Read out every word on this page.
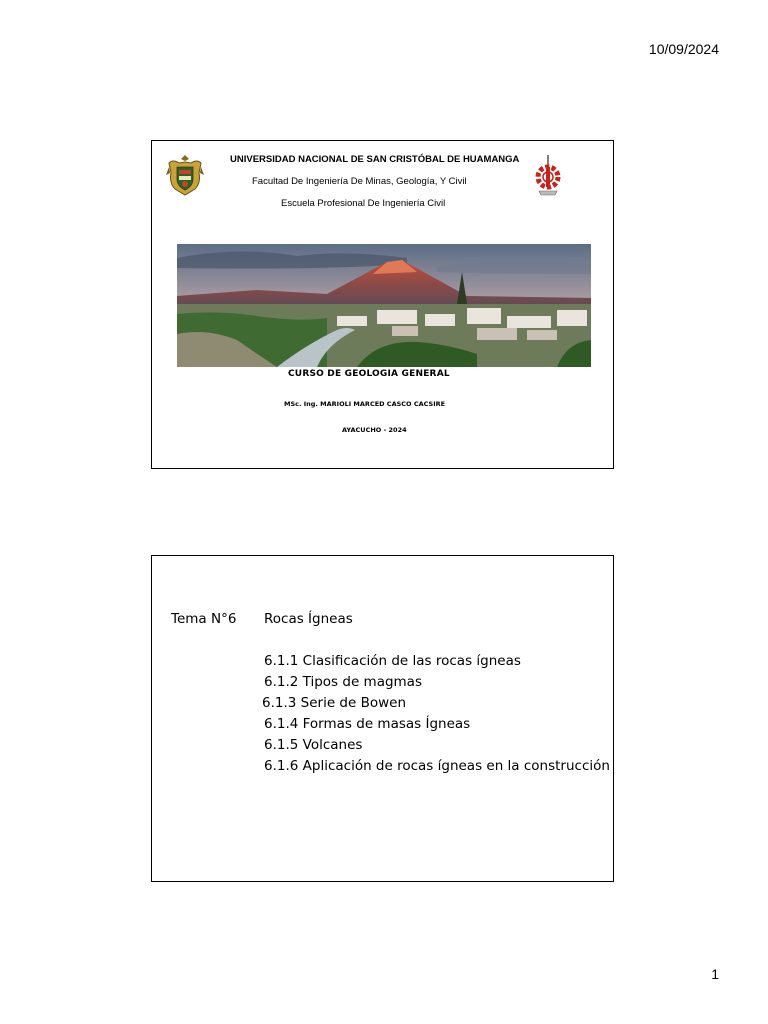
10/09/2024
UNIVERSIDAD NACIONAL DE SAN CRISTÓBAL DE HUAMANGA
Facultad De Ingeniería De Minas, Geología, Y Civil
Escuela Profesional De Ingeniería Civil
CURSO DE GEOLOGIA GENERAL
MSc. Ing. MARIOLI MARCED CASCO CACSIRE
AYACUCHO - 2024
Tema N°6 Rocas Ígneas
6.1.1 Clasificación de las rocas ígneas
6.1.2 Tipos de magmas
6.1.3 Serie de Bowen
6.1.4 Formas de masas Ígneas
6.1.5 Volcanes
6.1.6 Aplicación de rocas ígneas en la construcción
1
